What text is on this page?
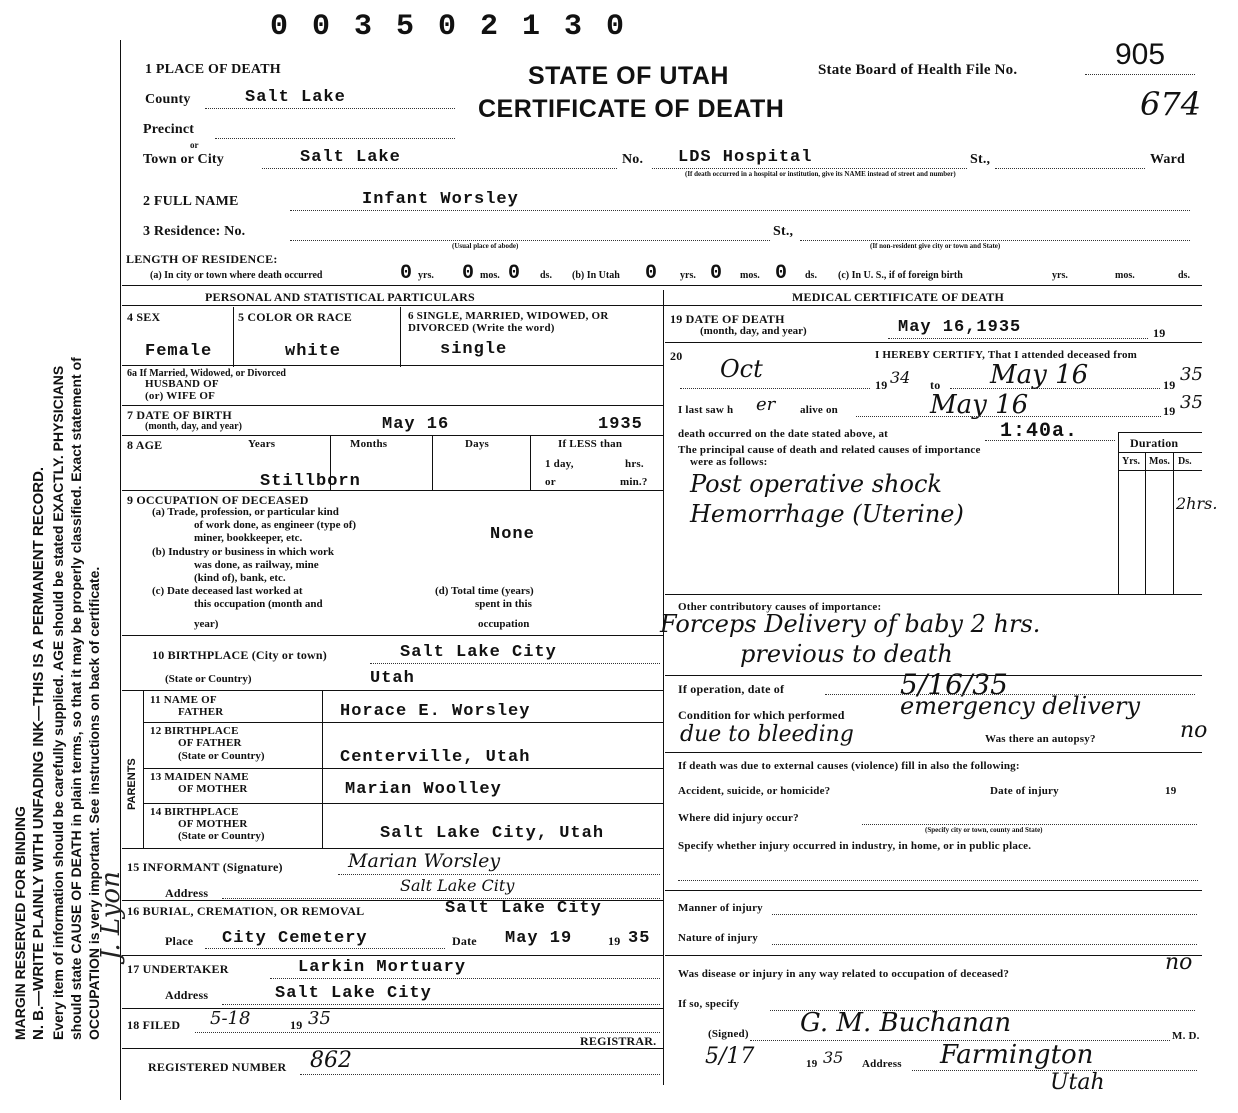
MARGIN RESERVED FOR BINDING N. B.—WRITE PLAINLY WITH UNFADING INK—THIS IS A PERMANENT RECORD. Every item of information should be carefully supplied. AGE should be stated EXACTLY. PHYSICIANS should state CAUSE OF DEATH in plain terms, so that it may be properly classified. Exact statement of OCCUPATION is very important. See instructions on back of certificate.
0 0 3 5 0 2 1 3 0
1 PLACE OF DEATH	STATE OF UTAH
CERTIFICATE OF DEATH
State Board of Health File No.	905
674
County	Salt Lake
Precinct
or
Town or City	Salt Lake	No. LDS Hospital	St.,	Ward
(If death occurred in a hospital or institution, give its NAME instead of street and number)
2 FULL NAME	Infant Worsley
3 Residence: No.	St.,
(Usual place of abode)	(If non-resident give city or town and State)
LENGTH OF RESIDENCE:
(a) In city or town where death occurred	0 yrs. 0 mos. 0 ds. (b) In Utah 0 yrs. 0 mos. 0 ds. (c) In U. S., if of foreign birth	yrs.	mos.	ds.
PERSONAL AND STATISTICAL PARTICULARS	MEDICAL CERTIFICATE OF DEATH
4 SEX	5 COLOR OR RACE	6 SINGLE, MARRIED, WIDOWED, OR DIVORCED (Write the word)
Female	white	single
6a If Married, Widowed, or Divorced
HUSBAND OF
(or) WIFE OF
7 DATE OF BIRTH
(month, day, and year)	May 16	1935
8 AGE	Years	Months	Days	If LESS than
1 day,	hrs.
or	min.?
Stillborn
9 OCCUPATION OF DECEASED
(a) Trade, profession, or particular kind
of work done, as engineer (type of)
miner, bookkeeper, etc.	None
(b) Industry or business in which work
was done, as railway, mine
(kind of), bank, etc.
(c) Date deceased last worked at
this occupation (month and
year)
(d) Total time (years)
spent in this
occupation
10 BIRTHPLACE (City or town)	Salt Lake City
(State or Country)	Utah
PARENTS
11 NAME OF
FATHER	Horace E. Worsley
12 BIRTHPLACE
OF FATHER
(State or Country)	Centerville, Utah
13 MAIDEN NAME
OF MOTHER	Marian Woolley
14 BIRTHPLACE
OF MOTHER
(State or Country)	Salt Lake City, Utah
15 INFORMANT (Signature)	Marian Worsley
Address	Salt Lake City
16 BURIAL, CREMATION, OR REMOVAL	Salt Lake City
Place City Cemetery	Date May 19	19 35
17 UNDERTAKER	Larkin Mortuary
Address	Salt Lake City
18 FILED 5-18	19 35
REGISTRAR.
REGISTERED NUMBER 862
19 DATE OF DEATH
(month, day, and year)	May 16,1935	19
20	I HEREBY CERTIFY, That I attended deceased from
Oct
19 34 to May 16	19 35
I last saw h er alive on	May 16	19 35
death occurred on the date stated above, at	1:40a.
The principal cause of death and related causes of importance
were as follows:
Duration
Yrs. Mos. Ds.
Post operative shock
Hemorrhage (Uterine)	2hrs.
Other contributory causes of importance:
Forceps Delivery of baby 2 hrs.
previous to death
If operation, date of	5/16/35
Condition for which performed emergency delivery
due to bleeding	Was there an autopsy?	no
If death was due to external causes (violence) fill in also the following:
Accident, suicide, or homicide?	Date of injury	19
Where did injury occur?
(Specify city or town, county and State)
Specify whether injury occurred in industry, in home, or in public place.
Manner of injury
Nature of injury
Was disease or injury in any way related to occupation of deceased?	no
If so, specify
(Signed) G. M. Buchanan	M. D.
5/17	19 35 Address Farmington
Utah
J. Lyon
